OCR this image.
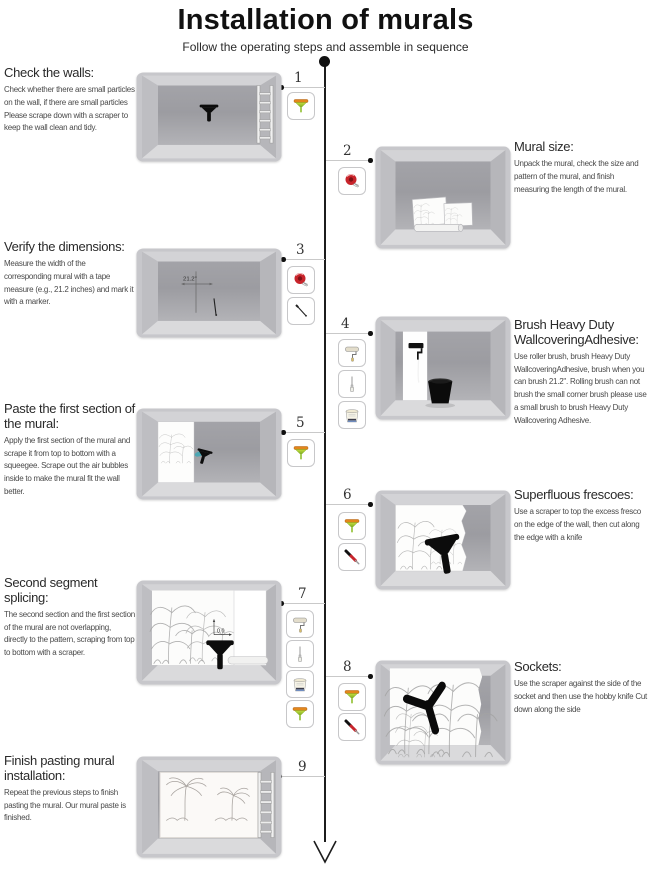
Installation of murals
Follow the operating steps and assemble in sequence
1
Check the walls:

Check whether there are small particles on the wall, if there are small particles Please scrape down with a scraper to keep the wall clean and tidy.

2	Mural size:

Unpack the mural, check the size and pattern of the mural, and finish measuring the length of the mural.

3
Verify the dimensions:

Measure the width of the corresponding mural with a tape measure (e.g., 21.2 inches) and mark it with a marker.

21.2"
4	Brush Heavy Duty WallcoveringAdhesive:

Use roller brush, brush Heavy Duty WallcoveringAdhesive, brush when you can brush 21.2". Rolling brush can not brush the small corner brush please use a small brush to brush Heavy Duty Wallcovering Adhesive.

5
Paste the first section of the mural:

Apply the first section of the mural and scrape it from top to bottom with a squeegee. Scrape out the air bubbles inside to make the mural fit the wall better.	6	Superfluous frescoes:

Use a scraper to top the excess fresco on the edge of the wall, then cut along the edge with a knife

7
Second segment splicing:

The second section and the first section of the mural are not overlapping, directly to the pattern, scraping from top to bottom with a scraper.

0.0
8	Sockets:

Use the scraper against the side of the socket and then use the hobby knife Cut down along the side

9
Finish pasting mural installation:

Repeat the previous steps to finish pasting the mural. Our mural paste is finished.
